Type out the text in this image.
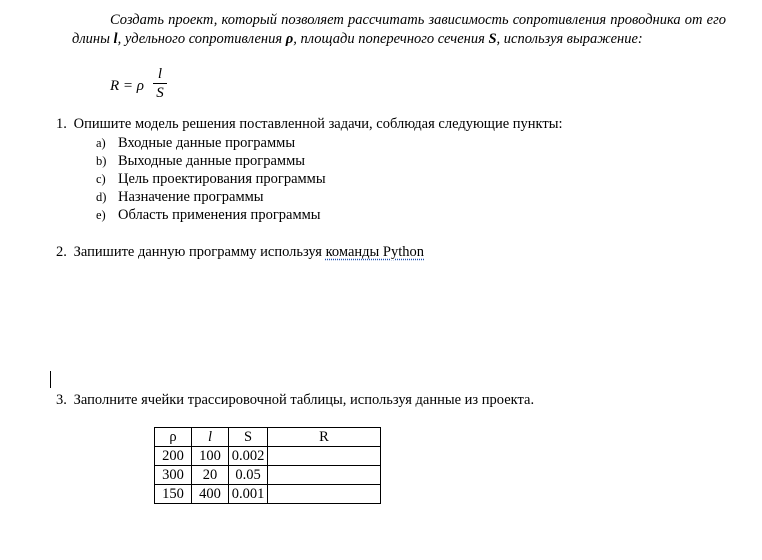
Создать проект, который позволяет рассчитать зависимость сопротивления проводника от его длины l, удельного сопротивления ρ, площади поперечного сечения S, используя выражение:
R = ρ $\frac{l}{S}$
1. Опишите модель решения поставленной задачи, соблюдая следующие пункты:
a) Входные данные программы
b) Выходные данные программы
c) Цель проектирования программы
d) Назначение программы
e) Область применения программы
2. Запишите данную программу используя команды Python
3. Заполните ячейки трассировочной таблицы, используя данные из проекта.
ρ	l	S	R
200	100	0.002	
300	20	0.05	
150	400	0.001	
